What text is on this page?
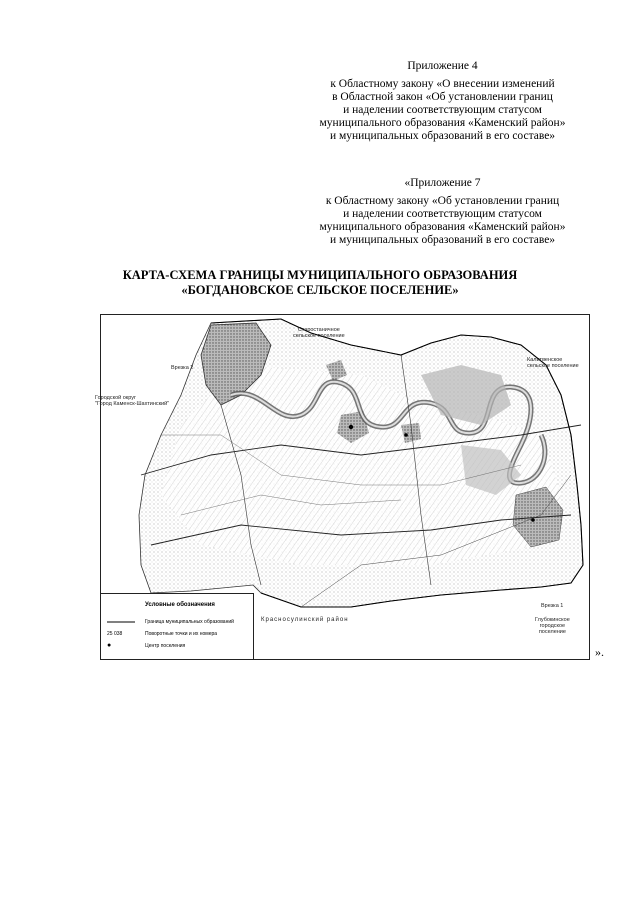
Приложение 4
к Областному закону «О внесении изменений
в Областной закон «Об установлении границ
и наделении соответствующим статусом
муниципального образования «Каменский район»
и муниципальных образований в его составе»
«Приложение 7
к Областному закону «Об установлении границ
и наделении соответствующим статусом
муниципального образования «Каменский район»
и муниципальных образований в его составе»
КАРТА-СХЕМА ГРАНИЦЫ МУНИЦИПАЛЬНОГО ОБРАЗОВАНИЯ
«БОГДАНОВСКОЕ СЕЛЬСКОЕ ПОСЕЛЕНИЕ»
Старостаничное
сельское поселение
Калитвенское
сельское поселение
Городской округ
"Город Каменск-Шахтинский"
Врезка 2
Врезка 1
Глубокинское
городское
поселение
Красносулинский район
Условные обозначения
Граница муниципальных образований
25 038	Поворотные точки и их номера
●	Центр поселения	».
